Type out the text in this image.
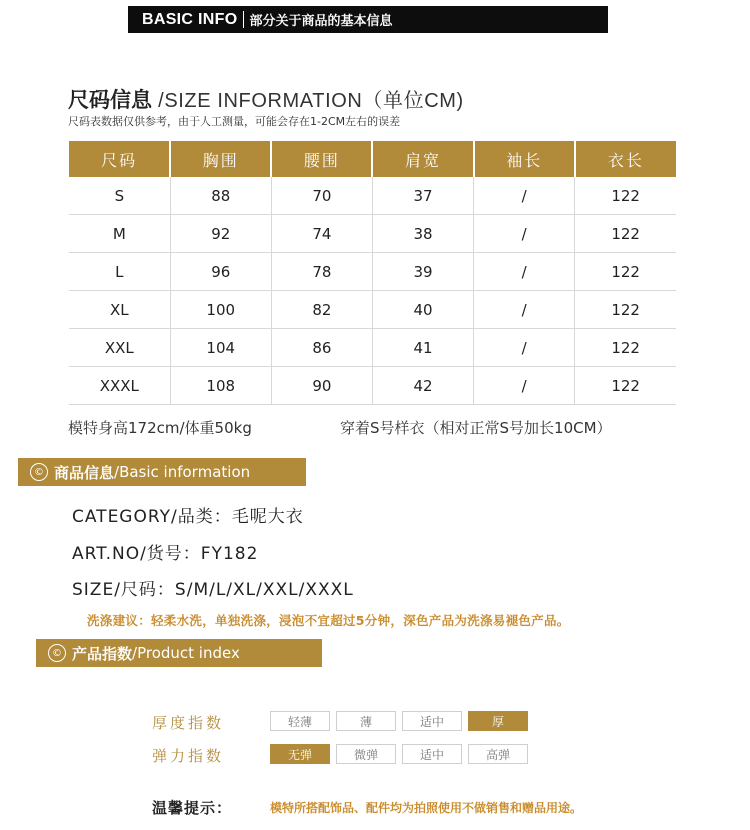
BASIC INFO 部分关于商品的基本信息
尺码信息 /SIZE INFORMATION（单位CM)
尺码表数据仅供参考，由于人工测量，可能会存在1-2CM左右的误差
尺码	胸围	腰围	肩宽	袖长	衣长
S	88	70	37	/	122
M	92	74	38	/	122
L	96	78	39	/	122
XL	100	82	40	/	122
XXL	104	86	41	/	122
XXXL	108	90	42	/	122
模特身高172cm/体重50kg	穿着S号样衣（相对正常S号加长10CM）
© 商品信息 /Basic information
CATEGORY/品类：毛呢大衣
ART.NO/货号：FY182
SIZE/尺码：S/M/L/XL/XXL/XXXL
洗涤建议：轻柔水洗，单独洗涤，浸泡不宜超过5分钟，深色产品为洗涤易褪色产品。
© 产品指数 /Product index
厚度指数	轻薄	薄	适中	厚
弹力指数	无弹	微弹	适中	高弹
温馨提示：	模特所搭配饰品、配件均为拍照使用不做销售和赠品用途。
